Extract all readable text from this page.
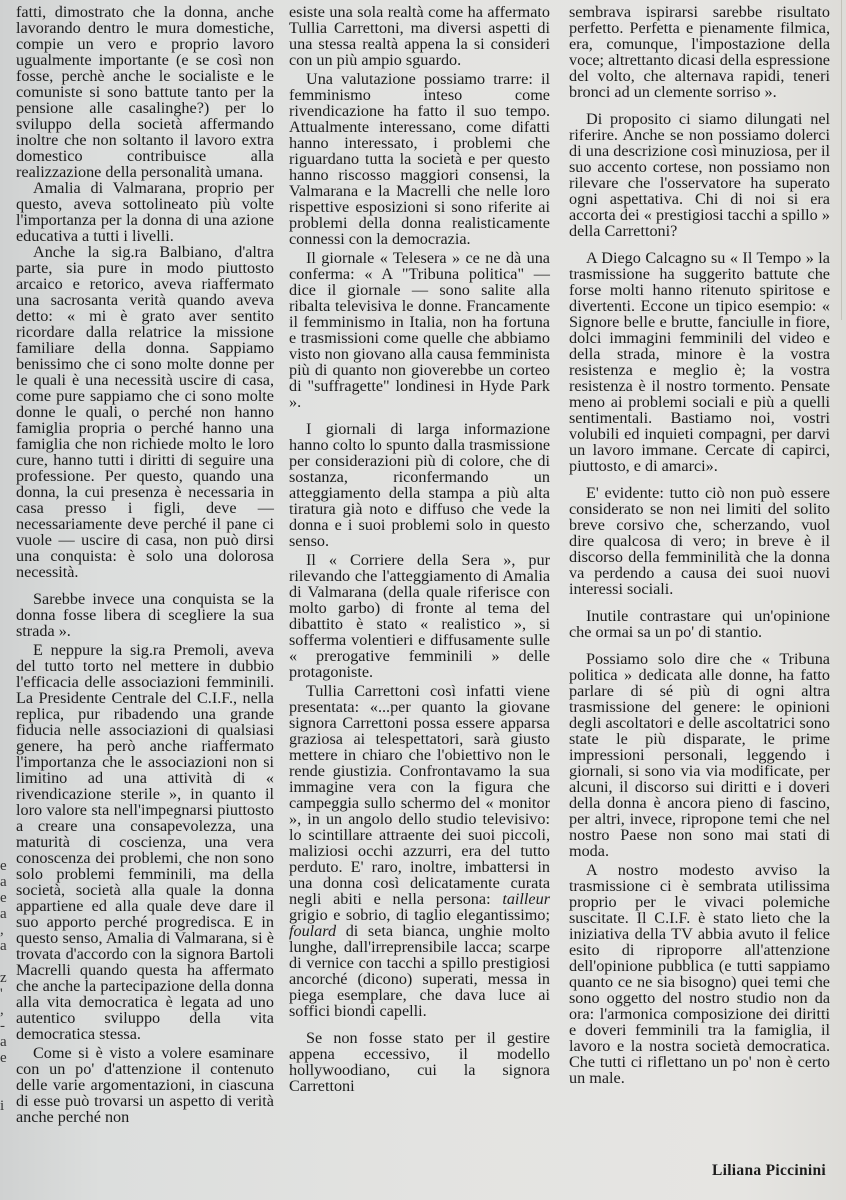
e
a
e
a
,
a

z
'
,
-
a
e

i

fatti, dimostrato che la donna, anche lavorando dentro le mura domestiche, compie un vero e proprio lavoro ugualmente importante (e se così non fosse, perchè anche le socialiste e le comuniste si sono battute tanto per la pensione alle casalinghe?) per lo sviluppo della società affermando inoltre che non soltanto il lavoro extra domestico contribuisce alla realizzazione della personalità umana.

Amalia di Valmarana, proprio per questo, aveva sottolineato più volte l'importanza per la donna di una azione educativa a tutti i livelli.

Anche la sig.ra Balbiano, d'altra parte, sia pure in modo piuttosto arcaico e retorico, aveva riaffermato una sacrosanta verità quando aveva detto: « mi è grato aver sentito ricordare dalla relatrice la missione familiare della donna. Sappiamo benissimo che ci sono molte donne per le quali è una necessità uscire di casa, come pure sappiamo che ci sono molte donne le quali, o perché non hanno famiglia propria o perché hanno una famiglia che non richiede molto le loro cure, hanno tutti i diritti di seguire una professione. Per questo, quando una donna, la cui presenza è necessaria in casa presso i figli, deve — necessariamente deve perché il pane ci vuole — uscire di casa, non può dirsi una conquista: è solo una dolorosa necessità.

Sarebbe invece una conquista se la donna fosse libera di scegliere la sua strada ».

E neppure la sig.ra Premoli, aveva del tutto torto nel mettere in dubbio l'efficacia delle associazioni femminili. La Presidente Centrale del C.I.F., nella replica, pur ribadendo una grande fiducia nelle associazioni di qualsiasi genere, ha però anche riaffermato l'importanza che le associazioni non si limitino ad una attività di « rivendicazione sterile », in quanto il loro valore sta nell'impegnarsi piuttosto a creare una consapevolezza, una maturità di coscienza, una vera conoscenza dei problemi, che non sono solo problemi femminili, ma della società, società alla quale la donna appartiene ed alla quale deve dare il suo apporto perché progredisca. E in questo senso, Amalia di Valmarana, si è trovata d'accordo con la signora Bartoli Macrelli quando questa ha affermato che anche la partecipazione della donna alla vita democratica è legata ad uno autentico sviluppo della vita democratica stessa.

Come si è visto a volere esaminare con un po' d'attenzione il contenuto delle varie argomentazioni, in ciascuna di esse può trovarsi un aspetto di verità anche perché non

esiste una sola realtà come ha affermato Tullia Carrettoni, ma diversi aspetti di una stessa realtà appena la si consideri con un più ampio sguardo.

Una valutazione possiamo trarre: il femminismo inteso come rivendicazione ha fatto il suo tempo. Attualmente interessano, come difatti hanno interessato, i problemi che riguardano tutta la società e per questo hanno riscosso maggiori consensi, la Valmarana e la Macrelli che nelle loro rispettive esposizioni si sono riferite ai problemi della donna realisticamente connessi con la democrazia.

Il giornale « Telesera » ce ne dà una conferma: « A "Tribuna politica" — dice il giornale — sono salite alla ribalta televisiva le donne. Francamente il femminismo in Italia, non ha fortuna e trasmissioni come quelle che abbiamo visto non giovano alla causa femminista più di quanto non gioverebbe un corteo di "suffragette" londinesi in Hyde Park ».

I giornali di larga informazione hanno colto lo spunto dalla trasmissione per considerazioni più di colore, che di sostanza, riconfermando un atteggiamento della stampa a più alta tiratura già noto e diffuso che vede la donna e i suoi problemi solo in questo senso.

Il « Corriere della Sera », pur rilevando che l'atteggiamento di Amalia di Valmarana (della quale riferisce con molto garbo) di fronte al tema del dibattito è stato « realistico », si sofferma volentieri e diffusamente sulle « prerogative femminili » delle protagoniste.

Tullia Carrettoni così infatti viene presentata: «...per quanto la giovane signora Carrettoni possa essere apparsa graziosa ai telespettatori, sarà giusto mettere in chiaro che l'obiettivo non le rende giustizia. Confrontavamo la sua immagine vera con la figura che campeggia sullo schermo del « monitor », in un angolo dello studio televisivo: lo scintillare attraente dei suoi piccoli, maliziosi occhi azzurri, era del tutto perduto. E' raro, inoltre, imbattersi in una donna così delicatamente curata negli abiti e nella persona: tailleur grigio e sobrio, di taglio elegantissimo; foulard di seta bianca, unghie molto lunghe, dall'irreprensibile lacca; scarpe di vernice con tacchi a spillo prestigiosi ancorché (dicono) superati, messa in piega esemplare, che dava luce ai soffici biondi capelli.

Se non fosse stato per il gestire appena eccessivo, il modello hollywoodiano, cui la signora Carrettoni

sembrava ispirarsi sarebbe risultato perfetto. Perfetta e pienamente filmica, era, comunque, l'impostazione della voce; altrettanto dicasi della espressione del volto, che alternava rapidi, teneri bronci ad un clemente sorriso ».

Di proposito ci siamo dilungati nel riferire. Anche se non possiamo dolerci di una descrizione così minuziosa, per il suo accento cortese, non possiamo non rilevare che l'osservatore ha superato ogni aspettativa. Chi di noi si era accorta dei « prestigiosi tacchi a spillo » della Carrettoni?

A Diego Calcagno su « Il Tempo » la trasmissione ha suggerito battute che forse molti hanno ritenuto spiritose e divertenti. Eccone un tipico esempio: « Signore belle e brutte, fanciulle in fiore, dolci immagini femminili del video e della strada, minore è la vostra resistenza e meglio è; la vostra resistenza è il nostro tormento. Pensate meno ai problemi sociali e più a quelli sentimentali. Bastiamo noi, vostri volubili ed inquieti compagni, per darvi un lavoro immane. Cercate di capirci, piuttosto, e di amarci».

E' evidente: tutto ciò non può essere considerato se non nei limiti del solito breve corsivo che, scherzando, vuol dire qualcosa di vero; in breve è il discorso della femminilità che la donna va perdendo a causa dei suoi nuovi interessi sociali.

Inutile contrastare qui un'opinione che ormai sa un po' di stantio.

Possiamo solo dire che « Tribuna politica » dedicata alle donne, ha fatto parlare di sé più di ogni altra trasmissione del genere: le opinioni degli ascoltatori e delle ascoltatrici sono state le più disparate, le prime impressioni personali, leggendo i giornali, si sono via via modificate, per alcuni, il discorso sui diritti e i doveri della donna è ancora pieno di fascino, per altri, invece, ripropone temi che nel nostro Paese non sono mai stati di moda.

A nostro modesto avviso la trasmissione ci è sembrata utilissima proprio per le vivaci polemiche suscitate. Il C.I.F. è stato lieto che la iniziativa della TV abbia avuto il felice esito di riproporre all'attenzione dell'opinione pubblica (e tutti sappiamo quanto ce ne sia bisogno) quei temi che sono oggetto del nostro studio non da ora: l'armonica composizione dei diritti e doveri femminili tra la famiglia, il lavoro e la nostra società democratica. Che tutti ci riflettano un po' non è certo un male.

Liliana Piccinini
